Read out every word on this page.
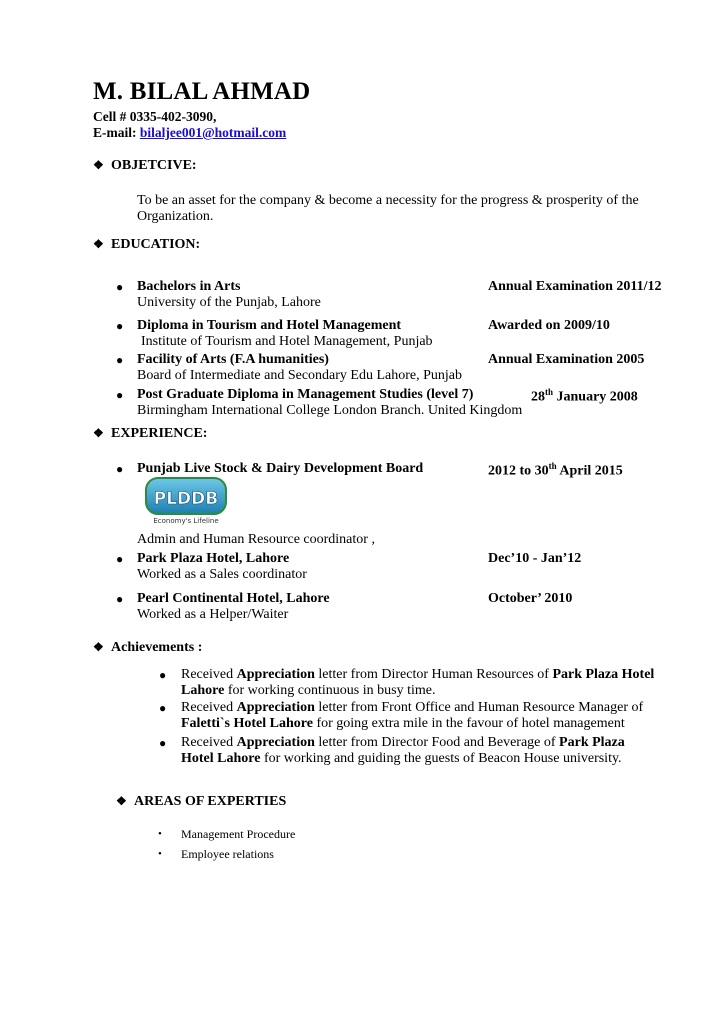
M. BILAL AHMAD
Cell # 0335-402-3090,
E-mail: bilaljee001@hotmail.com
❖ OBJETCIVE:
To be an asset for the company & become a necessity for the progress & prosperity of the
Organization.
❖ EDUCATION:
● Bachelors in Arts	Annual Examination 2011/12
University of the Punjab, Lahore
● Diploma in Tourism and Hotel Management	Awarded on 2009/10
Institute of Tourism and Hotel Management, Punjab
● Facility of Arts (F.A humanities)	Annual Examination 2005
Board of Intermediate and Secondary Edu Lahore, Punjab
● Post Graduate Diploma in Management Studies (level 7)	28th January 2008
Birmingham International College London Branch. United Kingdom
❖ EXPERIENCE:
● Punjab Live Stock & Dairy Development Board	2012 to 30th April 2015
PLDDB
Economy's Lifeline
Admin and Human Resource coordinator ,
● Park Plaza Hotel, Lahore	Dec’10 - Jan’12
Worked as a Sales coordinator
● Pearl Continental Hotel, Lahore	October’ 2010
Worked as a Helper/Waiter
❖ Achievements :
● Received Appreciation letter from Director Human Resources of Park Plaza Hotel
Lahore for working continuous in busy time.
● Received Appreciation letter from Front Office and Human Resource Manager of
Faletti`s Hotel Lahore for going extra mile in the favour of hotel management
● Received Appreciation letter from Director Food and Beverage of Park Plaza
Hotel Lahore for working and guiding the guests of Beacon House university.
❖ AREAS OF EXPERTIES
• Management Procedure
• Employee relations
